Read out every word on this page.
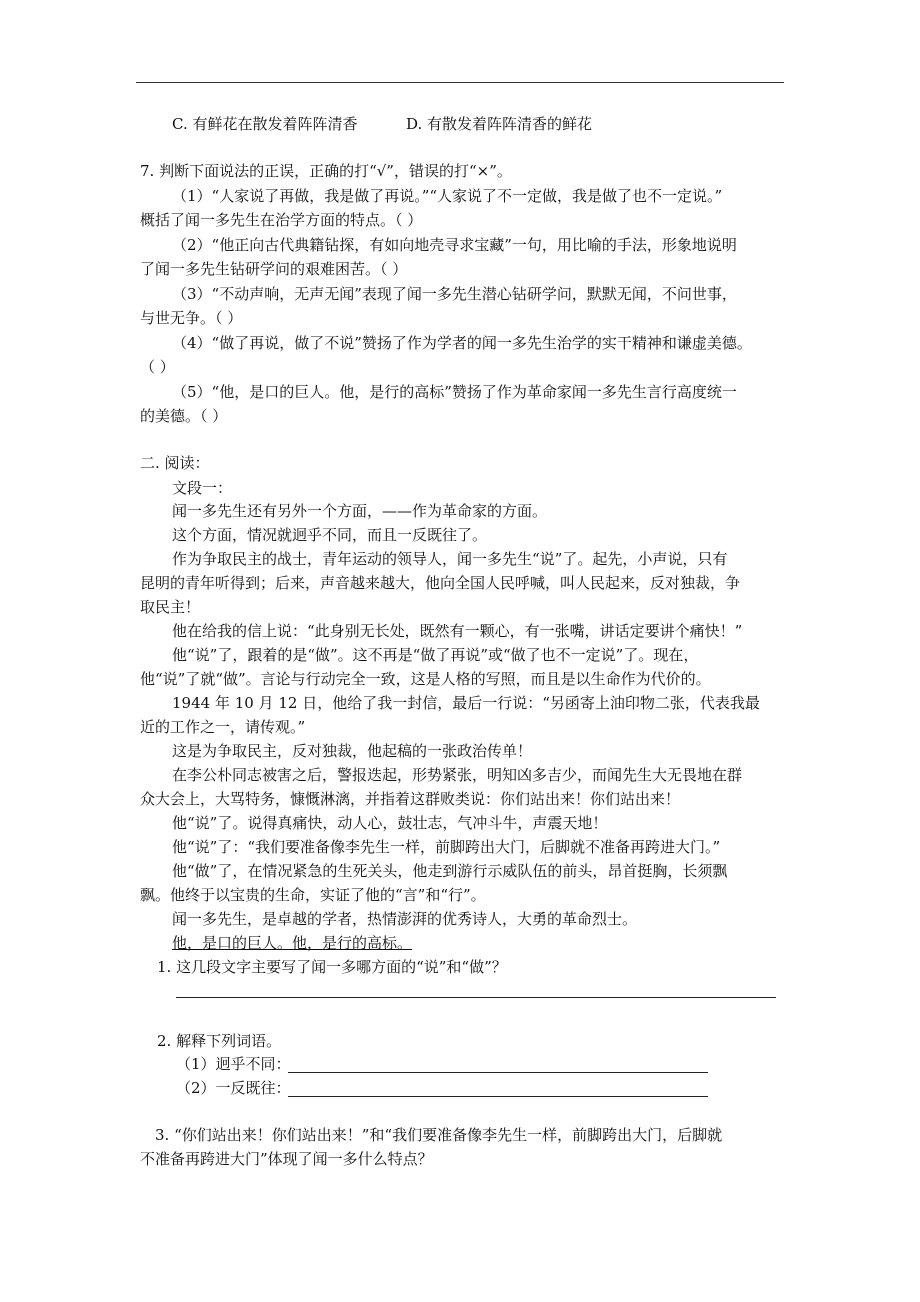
C. 有鲜花在散发着阵阵清香	D. 有散发着阵阵清香的鲜花
7. 判断下面说法的正误，正确的打“√”，错误的打“×”。
（1）“人家说了再做，我是做了再说。”“人家说了不一定做，我是做了也不一定说。”
概括了闻一多先生在治学方面的特点。（ ）
（2）“他正向古代典籍钻探，有如向地壳寻求宝藏”一句，用比喻的手法，形象地说明
了闻一多先生钻研学问的艰难困苦。（ ）
（3）“不动声响，无声无闻”表现了闻一多先生潜心钻研学问，默默无闻，不问世事，
与世无争。（ ）
（4）“做了再说，做了不说”赞扬了作为学者的闻一多先生治学的实干精神和谦虚美德。
（ ）
（5）“他，是口的巨人。他，是行的高标”赞扬了作为革命家闻一多先生言行高度统一
的美德。（ ）
二. 阅读：
文段一：
闻一多先生还有另外一个方面，——作为革命家的方面。
这个方面，情况就迥乎不同，而且一反既往了。
作为争取民主的战士，青年运动的领导人，闻一多先生“说”了。起先，小声说，只有
昆明的青年听得到；后来，声音越来越大，他向全国人民呼喊，叫人民起来，反对独裁，争
取民主！
他在给我的信上说：“此身别无长处，既然有一颗心，有一张嘴，讲话定要讲个痛快！”
他“说”了，跟着的是“做”。这不再是“做了再说”或“做了也不一定说”了。现在，
他“说”了就“做”。言论与行动完全一致，这是人格的写照，而且是以生命作为代价的。
1944 年 10 月 12 日，他给了我一封信，最后一行说：“另函寄上油印物二张，代表我最
近的工作之一，请传观。”
这是为争取民主，反对独裁，他起稿的一张政治传单！
在李公朴同志被害之后，警报迭起，形势紧张，明知凶多吉少，而闻先生大无畏地在群
众大会上，大骂特务，慷慨淋漓，并指着这群败类说：你们站出来！你们站出来！
他“说”了。说得真痛快，动人心，鼓壮志，气冲斗牛，声震天地！
他“说”了：“我们要准备像李先生一样，前脚跨出大门，后脚就不准备再跨进大门。”
他“做”了，在情况紧急的生死关头，他走到游行示威队伍的前头，昂首挺胸，长须飘
飘。他终于以宝贵的生命，实证了他的“言”和“行”。
闻一多先生，是卓越的学者，热情澎湃的优秀诗人，大勇的革命烈士。
他，是口的巨人。他，是行的高标。
1. 这几段文字主要写了闻一多哪方面的“说”和“做”？
2. 解释下列词语。
（1）迥乎不同：
（2）一反既往：
3. “你们站出来！你们站出来！”和“我们要准备像李先生一样，前脚跨出大门，后脚就
不准备再跨进大门”体现了闻一多什么特点？
